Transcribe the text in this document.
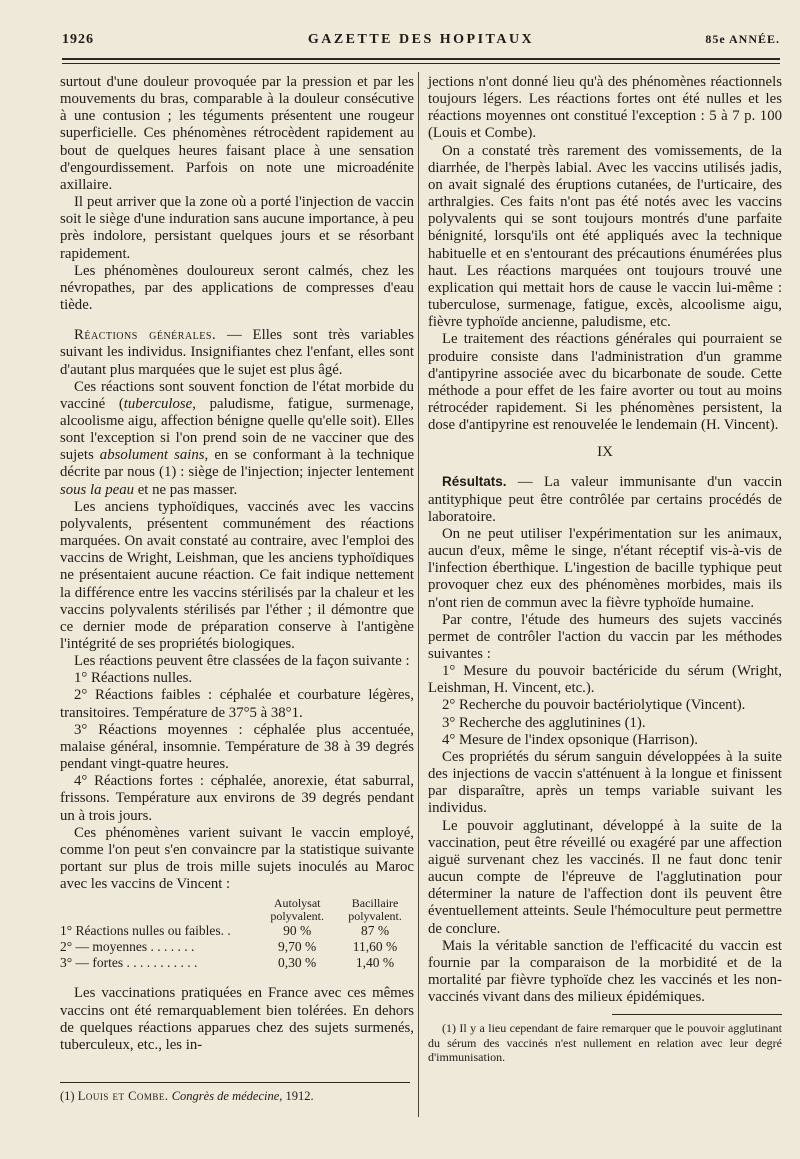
1926	GAZETTE DES HOPITAUX	85e ANNÉE.

surtout d'une douleur provoquée par la pression et par les mouvements du bras, comparable à la douleur consécutive à une contusion ; les téguments présentent une rougeur superficielle. Ces phénomènes rétrocèdent rapidement au bout de quelques heures faisant place à une sensation d'engourdissement. Parfois on note une microadénite axillaire.

Il peut arriver que la zone où a porté l'injection de vaccin soit le siège d'une induration sans aucune importance, à peu près indolore, persistant quelques jours et se résorbant rapidement.

Les phénomènes douloureux seront calmés, chez les névropathes, par des applications de compresses d'eau tiède.

Réactions générales. — Elles sont très variables suivant les individus. Insignifiantes chez l'enfant, elles sont d'autant plus marquées que le sujet est plus âgé.

Ces réactions sont souvent fonction de l'état morbide du vacciné (tuberculose, paludisme, fatigue, surmenage, alcoolisme aigu, affection bénigne quelle qu'elle soit). Elles sont l'exception si l'on prend soin de ne vacciner que des sujets absolument sains, en se conformant à la technique décrite par nous (1) : siège de l'injection; injecter lentement sous la peau et ne pas masser.

Les anciens typhoïdiques, vaccinés avec les vaccins polyvalents, présentent communément des réactions marquées. On avait constaté au contraire, avec l'emploi des vaccins de Wright, Leishman, que les anciens typhoïdiques ne présentaient aucune réaction. Ce fait indique nettement la différence entre les vaccins stérilisés par la chaleur et les vaccins polyvalents stérilisés par l'éther ; il démontre que ce dernier mode de préparation conserve à l'antigène l'intégrité de ses propriétés biologiques.

Les réactions peuvent être classées de la façon suivante :

1° Réactions nulles.

2° Réactions faibles : céphalée et courbature légères, transitoires. Température de 37°5 à 38°1.

3° Réactions moyennes : céphalée plus accentuée, malaise général, insomnie. Température de 38 à 39 degrés pendant vingt-quatre heures.

4° Réactions fortes : céphalée, anorexie, état saburral, frissons. Température aux environs de 39 degrés pendant un à trois jours.

Ces phénomènes varient suivant le vaccin employé, comme l'on peut s'en convaincre par la statistique suivante portant sur plus de trois mille sujets inoculés au Maroc avec les vaccins de Vincent :

	Autolysat polyvalent.	Bacillaire polyvalent.
1° Réactions nulles ou faibles. .	90 %	87 %
2° — moyennes . . . . . . .	9,70 %	11,60 %
3° — fortes . . . . . . . . . . .	0,30 %	1,40 %

Les vaccinations pratiquées en France avec ces mêmes vaccins ont été remarquablement bien tolérées. En dehors de quelques réactions apparues chez des sujets surmenés, tuberculeux, etc., les in-

(1) Louis et Combe. Congrès de médecine, 1912.

jections n'ont donné lieu qu'à des phénomènes réactionnels toujours légers. Les réactions fortes ont été nulles et les réactions moyennes ont constitué l'exception : 5 à 7 p. 100 (Louis et Combe).

On a constaté très rarement des vomissements, de la diarrhée, de l'herpès labial. Avec les vaccins utilisés jadis, on avait signalé des éruptions cutanées, de l'urticaire, des arthralgies. Ces faits n'ont pas été notés avec les vaccins polyvalents qui se sont toujours montrés d'une parfaite bénignité, lorsqu'ils ont été appliqués avec la technique habituelle et en s'entourant des précautions énumérées plus haut. Les réactions marquées ont toujours trouvé une explication qui mettait hors de cause le vaccin lui-même : tuberculose, surmenage, fatigue, excès, alcoolisme aigu, fièvre typhoïde ancienne, paludisme, etc.

Le traitement des réactions générales qui pourraient se produire consiste dans l'administration d'un gramme d'antipyrine associée avec du bicarbonate de soude. Cette méthode a pour effet de les faire avorter ou tout au moins rétrocéder rapidement. Si les phénomènes persistent, la dose d'antipyrine est renouvelée le lendemain (H. Vincent).

IX

Résultats. — La valeur immunisante d'un vaccin antityphique peut être contrôlée par certains procédés de laboratoire.

On ne peut utiliser l'expérimentation sur les animaux, aucun d'eux, même le singe, n'étant réceptif vis-à-vis de l'infection éberthique. L'ingestion de bacille typhique peut provoquer chez eux des phénomènes morbides, mais ils n'ont rien de commun avec la fièvre typhoïde humaine.

Par contre, l'étude des humeurs des sujets vaccinés permet de contrôler l'action du vaccin par les méthodes suivantes :

1° Mesure du pouvoir bactéricide du sérum (Wright, Leishman, H. Vincent, etc.).

2° Recherche du pouvoir bactériolytique (Vincent).

3° Recherche des agglutinines (1).

4° Mesure de l'index opsonique (Harrison).

Ces propriétés du sérum sanguin développées à la suite des injections de vaccin s'atténuent à la longue et finissent par disparaître, après un temps variable suivant les individus.

Le pouvoir agglutinant, développé à la suite de la vaccination, peut être réveillé ou exagéré par une affection aiguë survenant chez les vaccinés. Il ne faut donc tenir aucun compte de l'épreuve de l'agglutination pour déterminer la nature de l'affection dont ils peuvent être éventuellement atteints. Seule l'hémoculture peut permettre de conclure.

Mais la véritable sanction de l'efficacité du vaccin est fournie par la comparaison de la morbidité et de la mortalité par fièvre typhoïde chez les vaccinés et les non-vaccinés vivant dans des milieux épidémiques.

(1) Il y a lieu cependant de faire remarquer que le pouvoir agglutinant du sérum des vaccinés n'est nullement en relation avec leur degré d'immunisation.
